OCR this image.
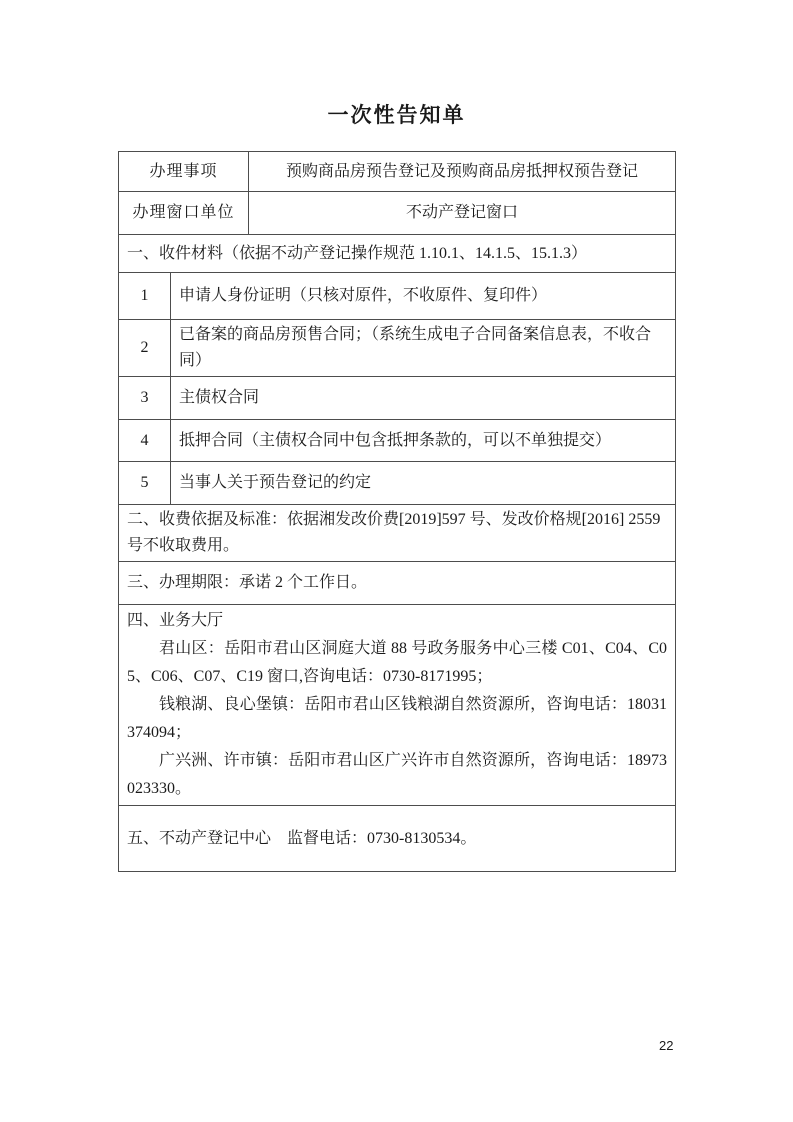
一次性告知单
办理事项		预购商品房预告登记及预购商品房抵押权预告登记
办理窗口单位		不动产登记窗口
一、收件材料（依据不动产登记操作规范 1.10.1、14.1.5、15.1.3）		
1	申请人身份证明（只核对原件，不收原件、复印件）	
2	已备案的商品房预售合同；（系统生成电子合同备案信息表，不收合同）	
3	主债权合同	
4	抵押合同（主债权合同中包含抵押条款的，可以不单独提交）	
5	当事人关于预告登记的约定	
二、收费依据及标准：依据湘发改价费[2019]597 号、发改价格规[2016] 2559 号不收取费用。		
三、办理期限：承诺 2 个工作日。		

四、业务大厅

君山区：岳阳市君山区洞庭大道 88 号政务服务中心三楼 C01、C04、C05、C06、C07、C19 窗口,咨询电话：0730-8171995；

钱粮湖、良心堡镇：岳阳市君山区钱粮湖自然资源所，咨询电话：18031374094；

广兴洲、许市镇：岳阳市君山区广兴许市自然资源所，咨询电话：18973023330。		

五、不动产登记中心　监督电话：0730-8130534。		
22
